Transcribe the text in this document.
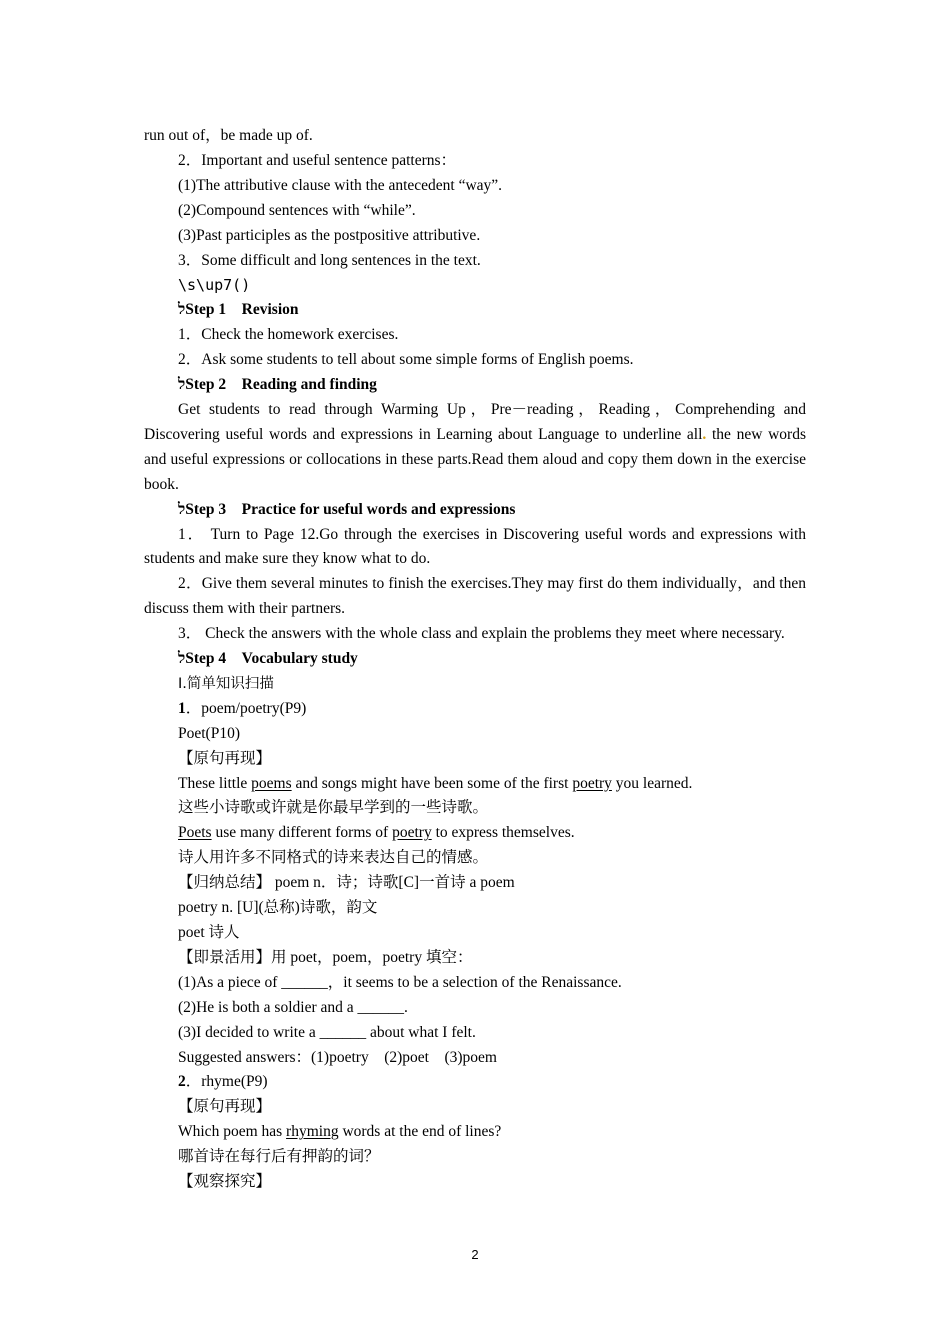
run out of，be made up of.
2．Important and useful sentence patterns：
(1)The attributive clause with the antecedent “way”.
(2)Compound sentences with “while”.
(3)Past participles as the postpositive attributive.
3．Some difficult and long sentences in the text.
\s\up7()
לStep 1　Revision
1．Check the homework exercises.
2．Ask some students to tell about some simple forms of English poems.
לStep 2　Reading and finding
Get students to read through Warming Up，Pre－reading，Reading，Comprehending and Discovering useful words and expressions in Learning about Language to underline all. the new words and useful expressions or collocations in these parts.Read them aloud and copy them down in the exercise book.
לStep 3　Practice for useful words and expressions
1． Turn to Page 12.Go through the exercises in Discovering useful words and expressions with students and make sure they know what to do.
2．Give them several minutes to finish the exercises.They may first do them individually，and then discuss them with their partners.
3． Check the answers with the whole class and explain the problems they meet where necessary.
לStep 4　Vocabulary study
Ⅰ.简单知识扫描
1．poem/poetry(P9)
Poet(P10)
【原句再现】
These little poems and songs might have been some of the first poetry you learned.
这些小诗歌或许就是你最早学到的一些诗歌。
Poets use many different forms of poetry to express themselves.
诗人用许多不同格式的诗来表达自己的情感。
【归纳总结】 poem n．诗；诗歌[C]一首诗 a poem
poetry n. [U](总称)诗歌，韵文
poet 诗人
【即景活用】用 poet，poem，poetry 填空：
(1)As a piece of ______，it seems to be a selection of the Renaissance.
(2)He is both a soldier and a ______.
(3)I decided to write a ______ about what I felt.
Suggested answers：(1)poetry　(2)poet　(3)poem
2．rhyme(P9)
【原句再现】
Which poem has rhyming words at the end of lines?
哪首诗在每行后有押韵的词？
【观察探究】
2
